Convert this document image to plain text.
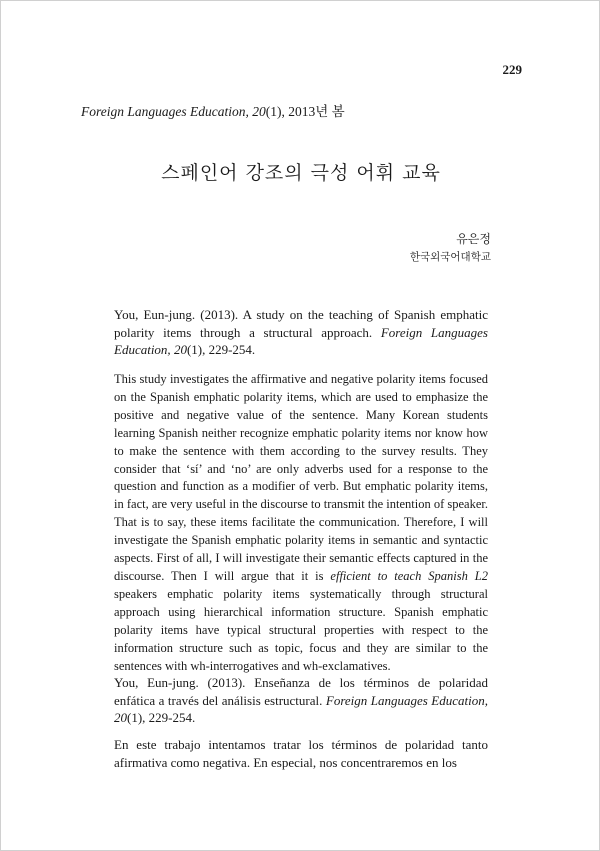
229
Foreign Languages Education, 20(1), 2013년 봄
스페인어 강조의 극성 어휘 교육
유은정
한국외국어대학교
You, Eun-jung. (2013). A study on the teaching of Spanish emphatic polarity items through a structural approach. Foreign Languages Education, 20(1), 229-254.
This study investigates the affirmative and negative polarity items focused on the Spanish emphatic polarity items, which are used to emphasize the positive and negative value of the sentence. Many Korean students learning Spanish neither recognize emphatic polarity items nor know how to make the sentence with them according to the survey results. They consider that ‘sí’ and ‘no’ are only adverbs used for a response to the question and function as a modifier of verb. But emphatic polarity items, in fact, are very useful in the discourse to transmit the intention of speaker. That is to say, these items facilitate the communication. Therefore, I will investigate the Spanish emphatic polarity items in semantic and syntactic aspects. First of all, I will investigate their semantic effects captured in the discourse. Then I will argue that it is efficient to teach Spanish L2 speakers emphatic polarity items systematically through structural approach using hierarchical information structure. Spanish emphatic polarity items have typical structural properties with respect to the information structure such as topic, focus and they are similar to the sentences with wh-interrogatives and wh-exclamatives.
You, Eun-jung. (2013). Enseñanza de los términos de polaridad enfática a través del análisis estructural. Foreign Languages Education, 20(1), 229-254.
En este trabajo intentamos tratar los términos de polaridad tanto afirmativa como negativa. En especial, nos concentraremos en los
